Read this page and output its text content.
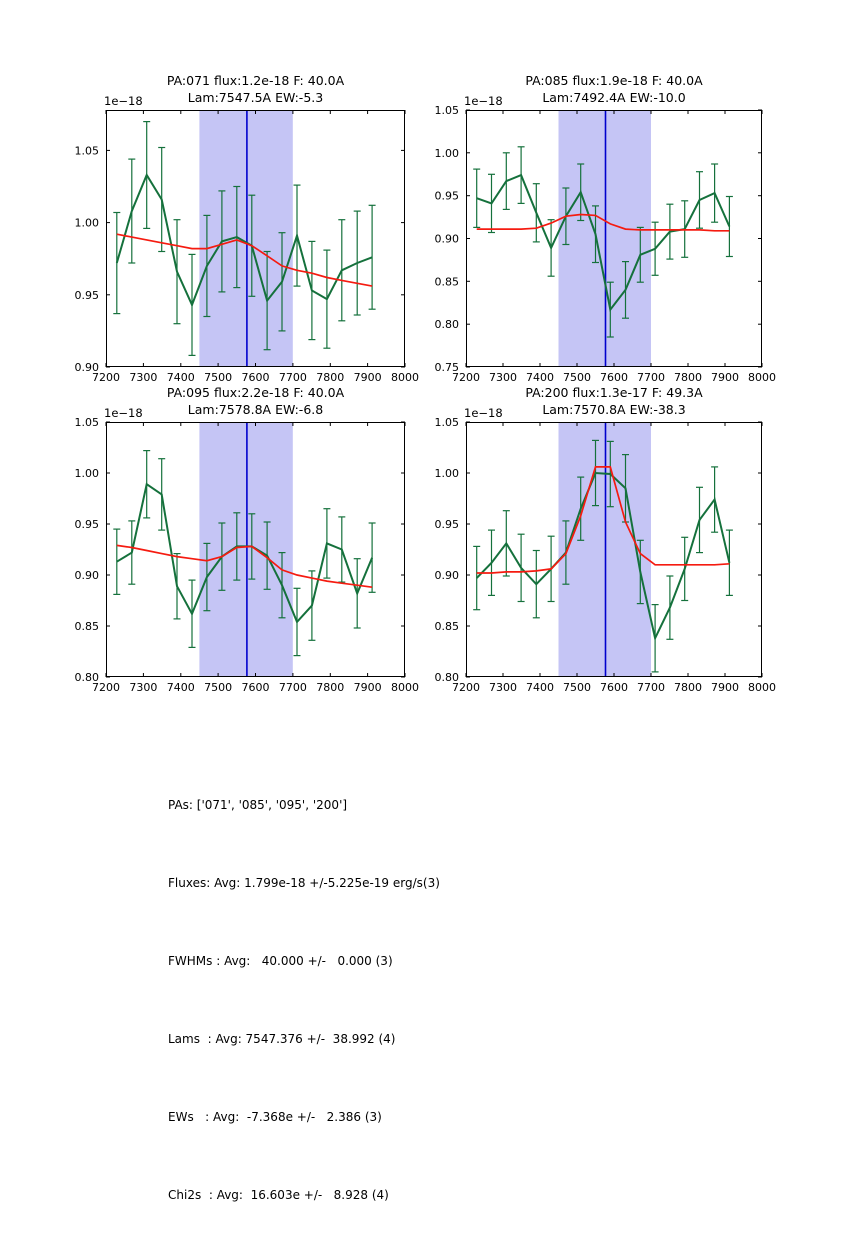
PA:071 flux:1.2e-18 F: 40.0A
Lam:7547.5A EW:-5.3
1e−18
7200 7300 7400 7500 7600 7700 7800 7900 8000
0.90
0.95
1.00
1.05
PA:085 flux:1.9e-18 F: 40.0A
Lam:7492.4A EW:-10.0
1e−18
7200 7300 7400 7500 7600 7700 7800 7900 8000
0.75
0.80
0.85
0.90
0.95
1.00
1.05
PA:095 flux:2.2e-18 F: 40.0A
Lam:7578.8A EW:-6.8
1e−18
7200 7300 7400 7500 7600 7700 7800 7900 8000
0.80
0.85
0.90
0.95
1.00
1.05
PA:200 flux:1.3e-17 F: 49.3A
Lam:7570.8A EW:-38.3
1e−18
7200 7300 7400 7500 7600 7700 7800 7900 8000
0.80
0.85
0.90
0.95
1.00
1.05

PAs: ['071', '085', '095', '200']

Fluxes: Avg: 1.799e-18 +/-5.225e-19 erg/s(3)

FWHMs : Avg:   40.000 +/-   0.000 (3)

Lams  : Avg: 7547.376 +/-  38.992 (4)

EWs   : Avg:  -7.368e +/-   2.386 (3)

Chi2s  : Avg:  16.603e +/-   8.928 (4)
